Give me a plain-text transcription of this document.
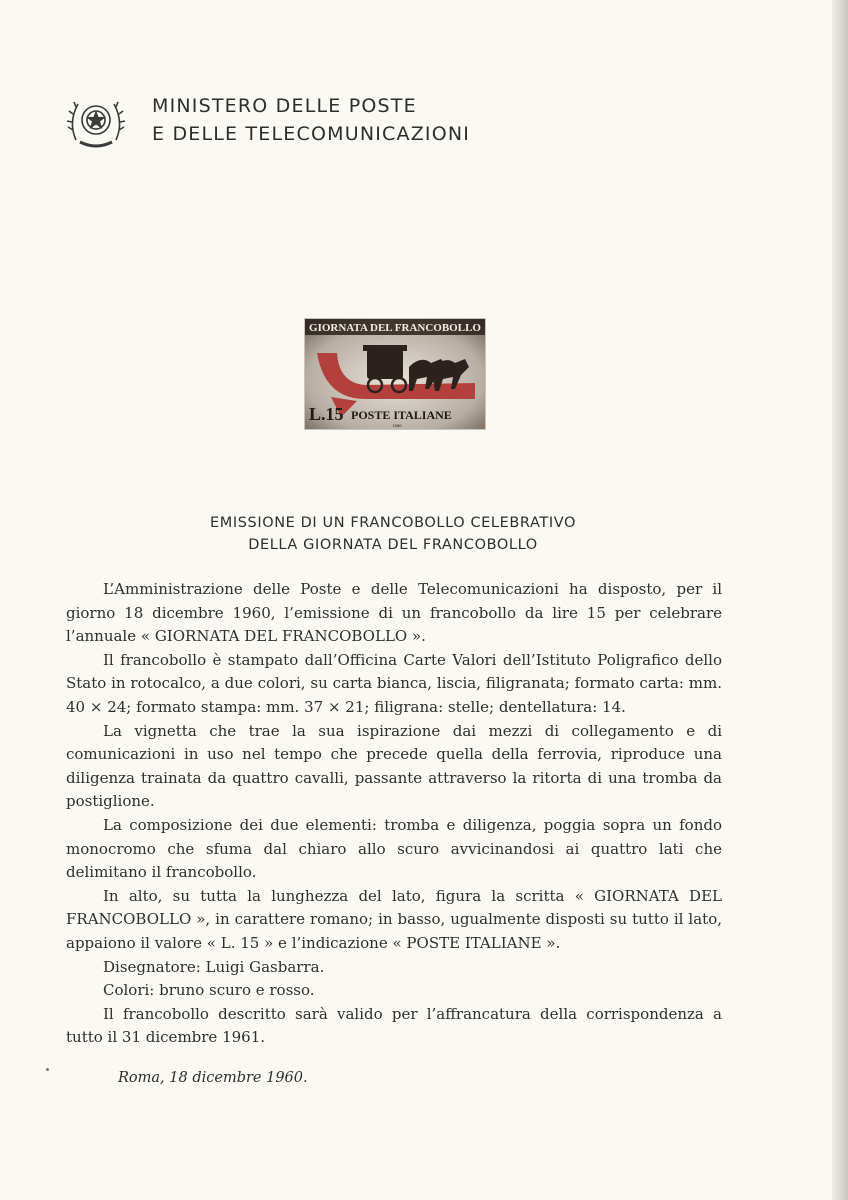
MINISTERO DELLE POSTE
E DELLE TELECOMUNICAZIONI
GIORNATA DEL FRANCOBOLLO
L.15 POSTE ITALIANE
1960
EMISSIONE DI UN FRANCOBOLLO CELEBRATIVO
DELLA GIORNATA DEL FRANCOBOLLO

L’Amministrazione delle Poste e delle Telecomunicazioni ha disposto, per il giorno 18 dicembre 1960, l’emissione di un francobollo da lire 15 per celebrare l’annuale « GIORNATA DEL FRANCOBOLLO ».

Il francobollo è stampato dall’Officina Carte Valori dell’Istituto Poligrafico dello Stato in rotocalco, a due colori, su carta bianca, liscia, filigranata; formato carta: mm. 40 × 24; formato stampa: mm. 37 × 21; filigrana: stelle; dentellatura: 14.

La vignetta che trae la sua ispirazione dai mezzi di collegamento e di comunicazioni in uso nel tempo che precede quella della ferrovia, riproduce una diligenza trainata da quattro cavalli, passante attraverso la ritorta di una tromba da postiglione.

La composizione dei due elementi: tromba e diligenza, poggia sopra un fondo monocromo che sfuma dal chiaro allo scuro avvicinandosi ai quattro lati che delimitano il francobollo.

In alto, su tutta la lunghezza del lato, figura la scritta « GIORNATA DEL FRANCOBOLLO », in carattere romano; in basso, ugualmente disposti su tutto il lato, appaiono il valore « L. 15 » e l’indicazione « POSTE ITALIANE ».

Disegnatore: Luigi Gasbarra.

Colori: bruno scuro e rosso.

Il francobollo descritto sarà valido per l’affrancatura della corrispondenza a tutto il 31 dicembre 1961.

Roma, 18 dicembre 1960.
